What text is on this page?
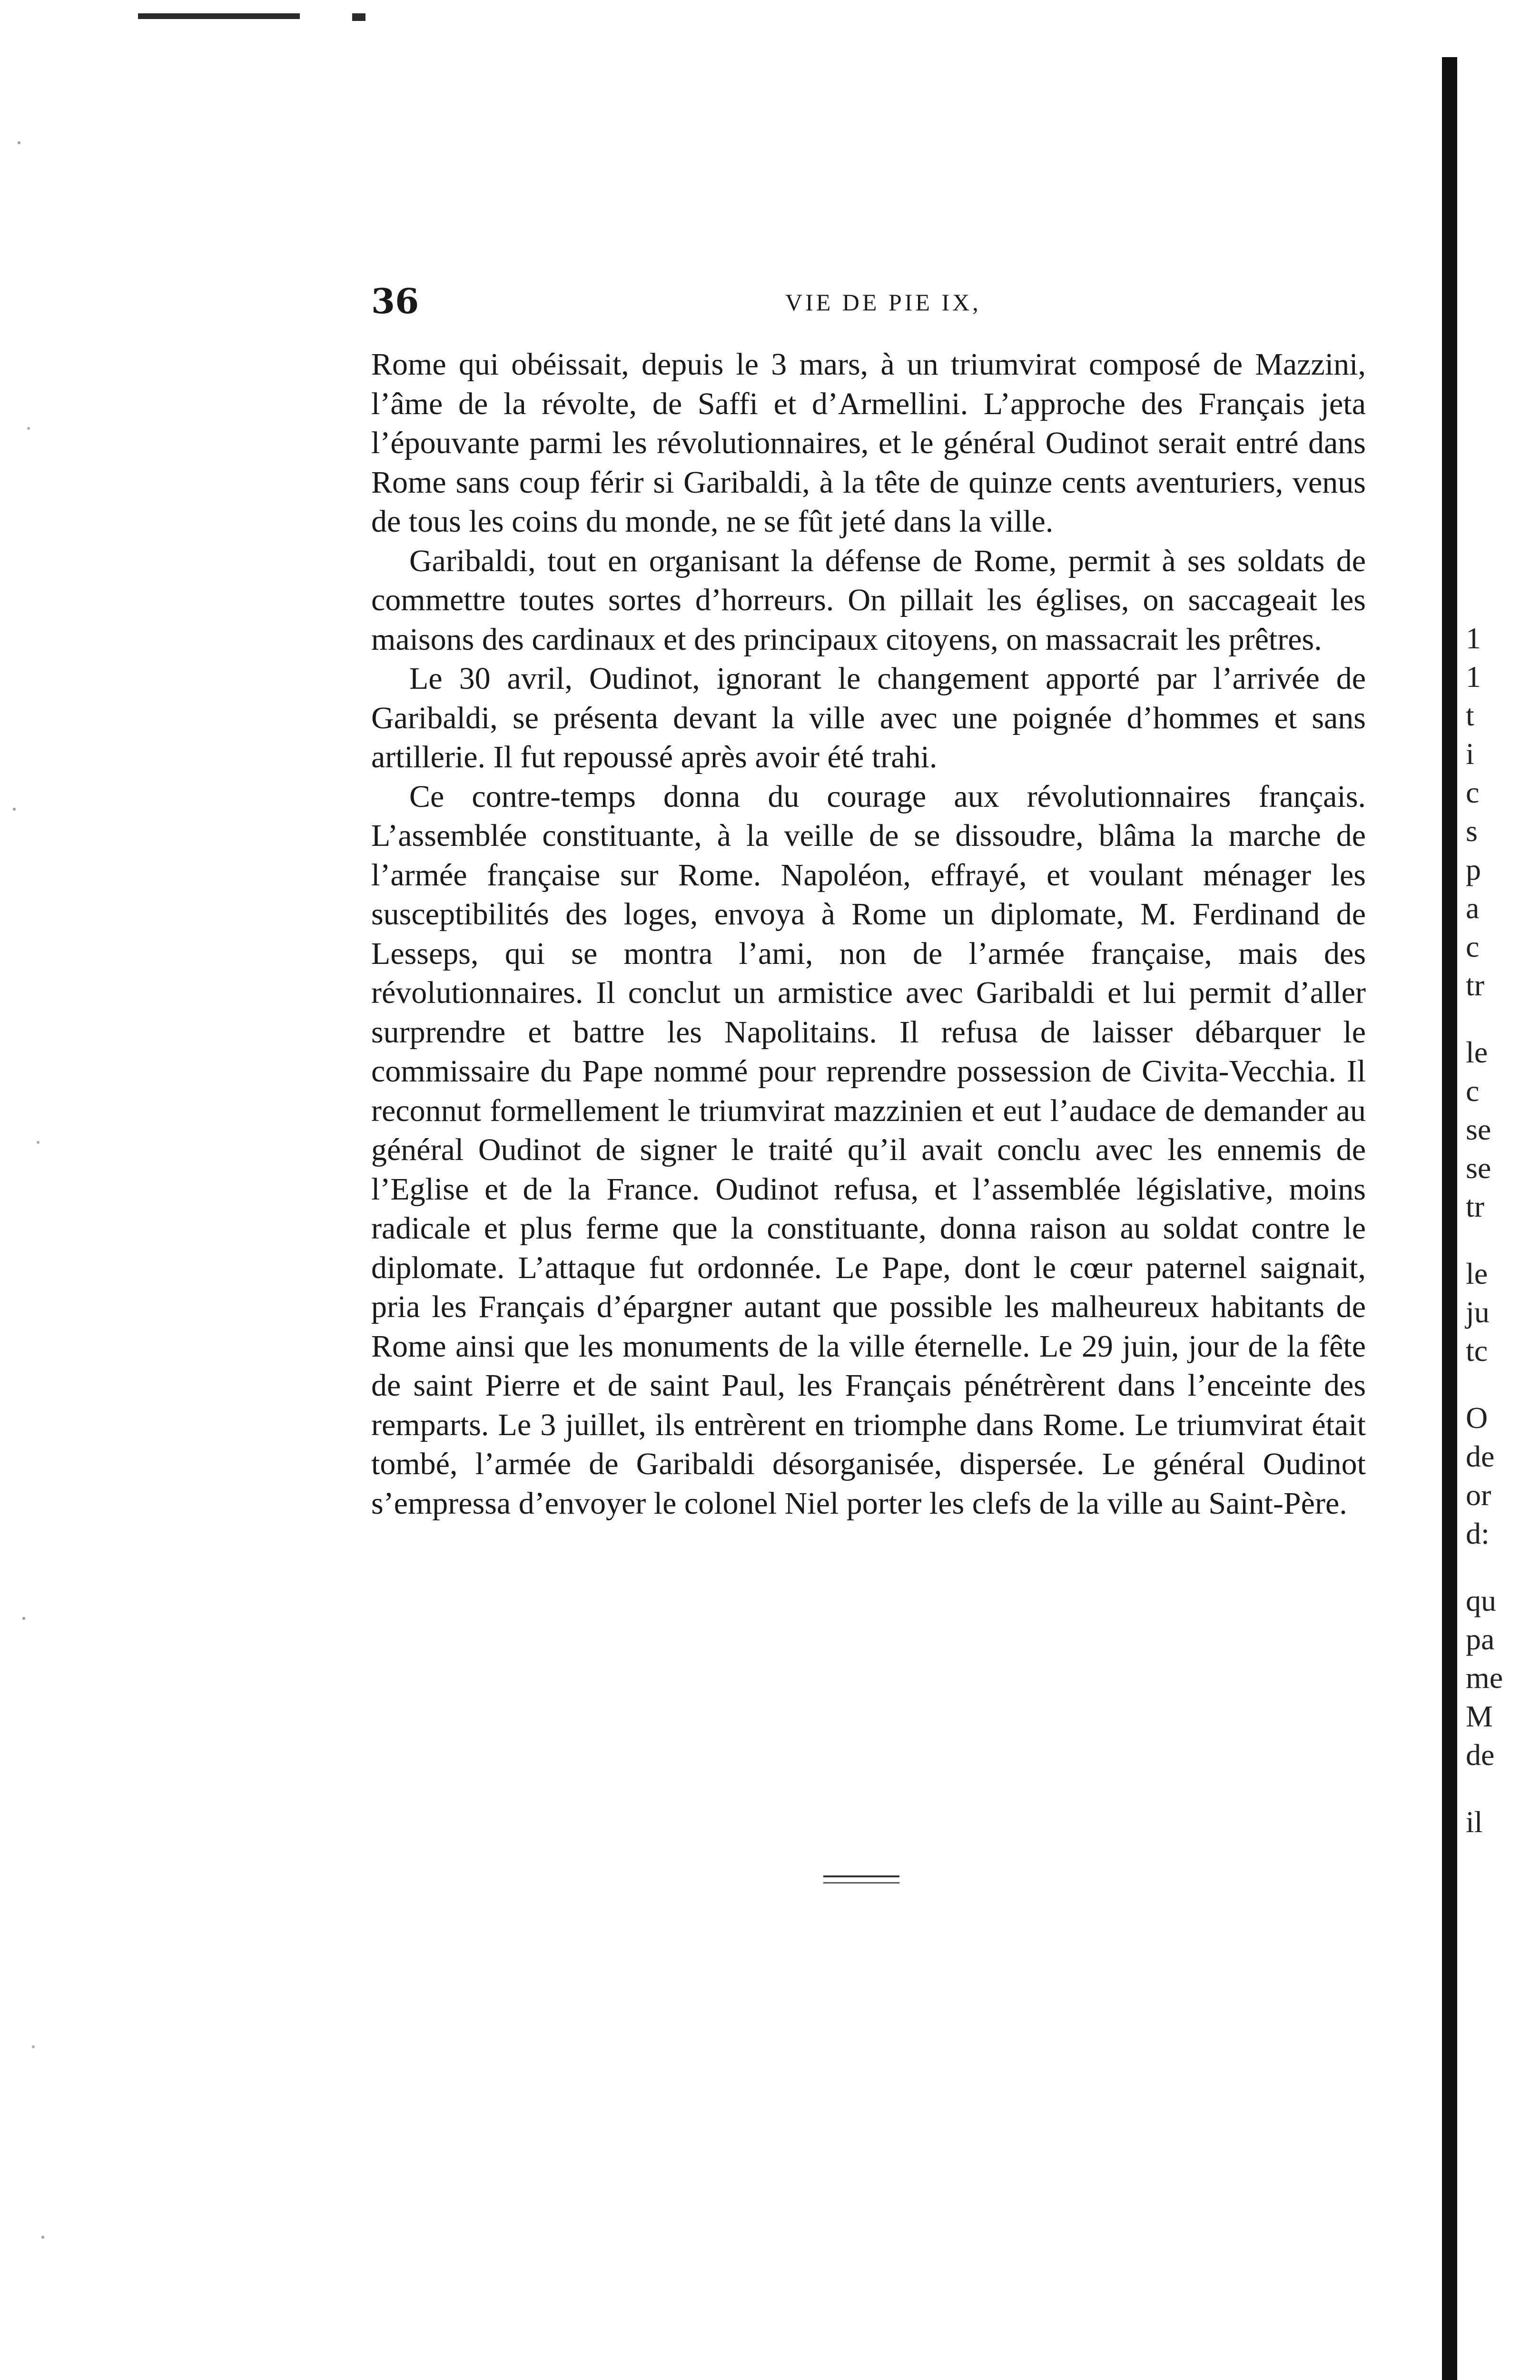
36	VIE DE PIE IX,

Rome qui obéissait, depuis le 3 mars, à un triumvirat composé de Mazzini, l’âme de la révolte, de Saffi et d’Armellini. L’approche des Français jeta l’épouvante parmi les révolutionnaires, et le général Oudinot serait entré dans Rome sans coup férir si Garibaldi, à la tête de quinze cents aventuriers, venus de tous les coins du monde, ne se fût jeté dans la ville.

Garibaldi, tout en organisant la défense de Rome, permit à ses soldats de commettre toutes sortes d’horreurs. On pillait les églises, on saccageait les maisons des cardinaux et des principaux citoyens, on massacrait les prêtres.

Le 30 avril, Oudinot, ignorant le changement apporté par l’arrivée de Garibaldi, se présenta devant la ville avec une poignée d’hommes et sans artillerie. Il fut repoussé après avoir été trahi.

Ce contre-temps donna du courage aux révolutionnaires français. L’assemblée constituante, à la veille de se dissoudre, blâma la marche de l’armée française sur Rome. Napoléon, effrayé, et voulant ménager les susceptibilités des loges, envoya à Rome un diplomate, M. Ferdinand de Lesseps, qui se montra l’ami, non de l’armée française, mais des révolutionnaires. Il conclut un armistice avec Garibaldi et lui permit d’aller surprendre et battre les Napolitains. Il refusa de laisser débarquer le commissaire du Pape nommé pour reprendre possession de Civita-Vecchia. Il reconnut formellement le triumvirat mazzinien et eut l’audace de demander au général Oudinot de signer le traité qu’il avait conclu avec les ennemis de l’Eglise et de la France. Oudinot refusa, et l’assemblée législative, moins radicale et plus ferme que la constituante, donna raison au soldat contre le diplomate. L’attaque fut ordonnée. Le Pape, dont le cœur paternel saignait, pria les Français d’épargner autant que possible les malheureux habitants de Rome ainsi que les monuments de la ville éternelle. Le 29 juin, jour de la fête de saint Pierre et de saint Paul, les Français pénétrèrent dans l’enceinte des remparts. Le 3 juillet, ils entrèrent en triomphe dans Rome. Le triumvirat était tombé, l’armée de Garibaldi désorganisée, dispersée. Le général Oudinot s’empressa d’envoyer le colonel Niel porter les clefs de la ville au Saint-Père.

1
1
t
i
c
s
p
a
c
tr
le
c
se
se
tr
le
ju
tc
O
de
or
d:
qu
pa
me
M
de
il
